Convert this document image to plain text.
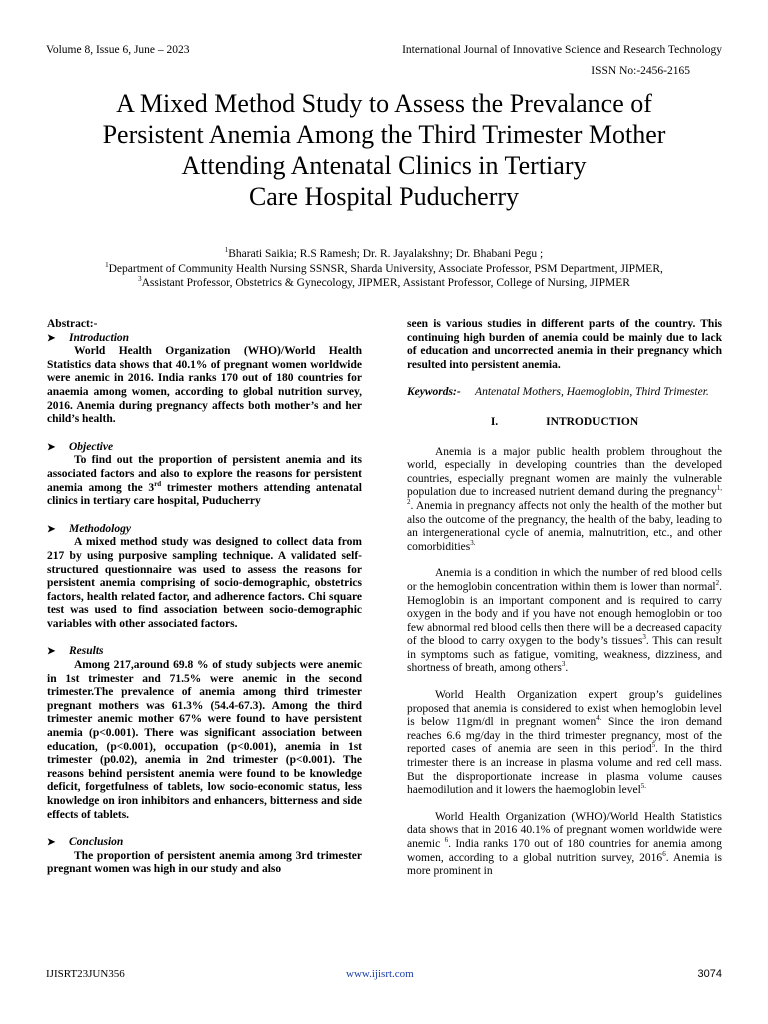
Volume 8, Issue 6, June – 2023	International Journal of Innovative Science and Research Technology
ISSN No:-2456-2165
A Mixed Method Study to Assess the Prevalance of
Persistent Anemia Among the Third Trimester Mother
Attending Antenatal Clinics in Tertiary
Care Hospital Puducherry
$^1$Bharati Saikia; R.S Ramesh; Dr. R. Jayalakshny; Dr. Bhabani Pegu ;
$^1$Department of Community Health Nursing SSNSR, Sharda University, Associate Professor, PSM Department, JIPMER,
$^3$Assistant Professor, Obstetrics & Gynecology, JIPMER, Assistant Professor, College of Nursing, JIPMER

Abstract:-

➤	Introduction

World Health Organization (WHO)/World Health Statistics data shows that 40.1% of pregnant women worldwide were anemic in 2016. India ranks 170 out of 180 countries for anaemia among women, according to global nutrition survey, 2016. Anemia during pregnancy affects both mother’s and her child’s health.

➤	Objective

To find out the proportion of persistent anemia and its associated factors and also to explore the reasons for persistent anemia among the 3rd trimester mothers attending antenatal clinics in tertiary care hospital, Puducherry

➤	Methodology

A mixed method study was designed to collect data from 217 by using purposive sampling technique. A validated self-structured questionnaire was used to assess the reasons for persistent anemia comprising of socio-demographic, obstetrics factors, health related factor, and adherence factors. Chi square test was used to find association between socio-demographic variables with other associated factors.

➤	Results

Among 217,around 69.8 % of study subjects were anemic in 1st trimester and 71.5% were anemic in the second trimester.The prevalence of anemia among third trimester pregnant mothers was 61.3% (54.4-67.3). Among the third trimester anemic mother 67% were found to have persistent anemia (p<0.001). There was significant association between education, (p<0.001), occupation (p<0.001), anemia in 1st trimester (p0.02), anemia in 2nd trimester (p<0.001). The reasons behind persistent anemia were found to be knowledge deficit, forgetfulness of tablets, low socio-economic status, less knowledge on iron inhibitors and enhancers, bitterness and side effects of tablets.

➤	Conclusion

The proportion of persistent anemia among 3rd trimester pregnant women was high in our study and also

seen is various studies in different parts of the country. This continuing high burden of anemia could be mainly due to lack of education and uncorrected anemia in their pregnancy which resulted into persistent anemia.

Keywords:- Antenatal Mothers, Haemoglobin, Third Trimester.

I.	INTRODUCTION

Anemia is a major public health problem throughout the world, especially in developing countries than the developed countries, especially pregnant women are mainly the vulnerable population due to increased nutrient demand during the pregnancy$^{1, 2}$. Anemia in pregnancy affects not only the health of the mother but also the outcome of the pregnancy, the health of the baby, leading to an intergenerational cycle of anemia, malnutrition, etc., and other comorbidities$^{3.}$

Anemia is a condition in which the number of red blood cells or the hemoglobin concentration within them is lower than normal$^2$. Hemoglobin is an important component and is required to carry oxygen in the body and if you have not enough hemoglobin or too few abnormal red blood cells then there will be a decreased capacity of the blood to carry oxygen to the body’s tissues$^3$. This can result in symptoms such as fatigue, vomiting, weakness, dizziness, and shortness of breath, among others$^3$.

World Health Organization expert group’s guidelines proposed that anemia is considered to exist when hemoglobin level is below 11gm/dl in pregnant women$^{4.}$ Since the iron demand reaches 6.6 mg/day in the third trimester pregnancy, most of the reported cases of anemia are seen in this period$^5$. In the third trimester there is an increase in plasma volume and red cell mass. But the disproportionate increase in plasma volume causes haemodilution and it lowers the haemoglobin level$^{5.}$

World Health Organization (WHO)/World Health Statistics data shows that in 2016 40.1% of pregnant women worldwide were anemic $^6$. India ranks 170 out of 180 countries for anemia among women, according to a global nutrition survey, 2016$^6$. Anemia is more prominent in

IJISRT23JUN356	www.ijisrt.com	3074
